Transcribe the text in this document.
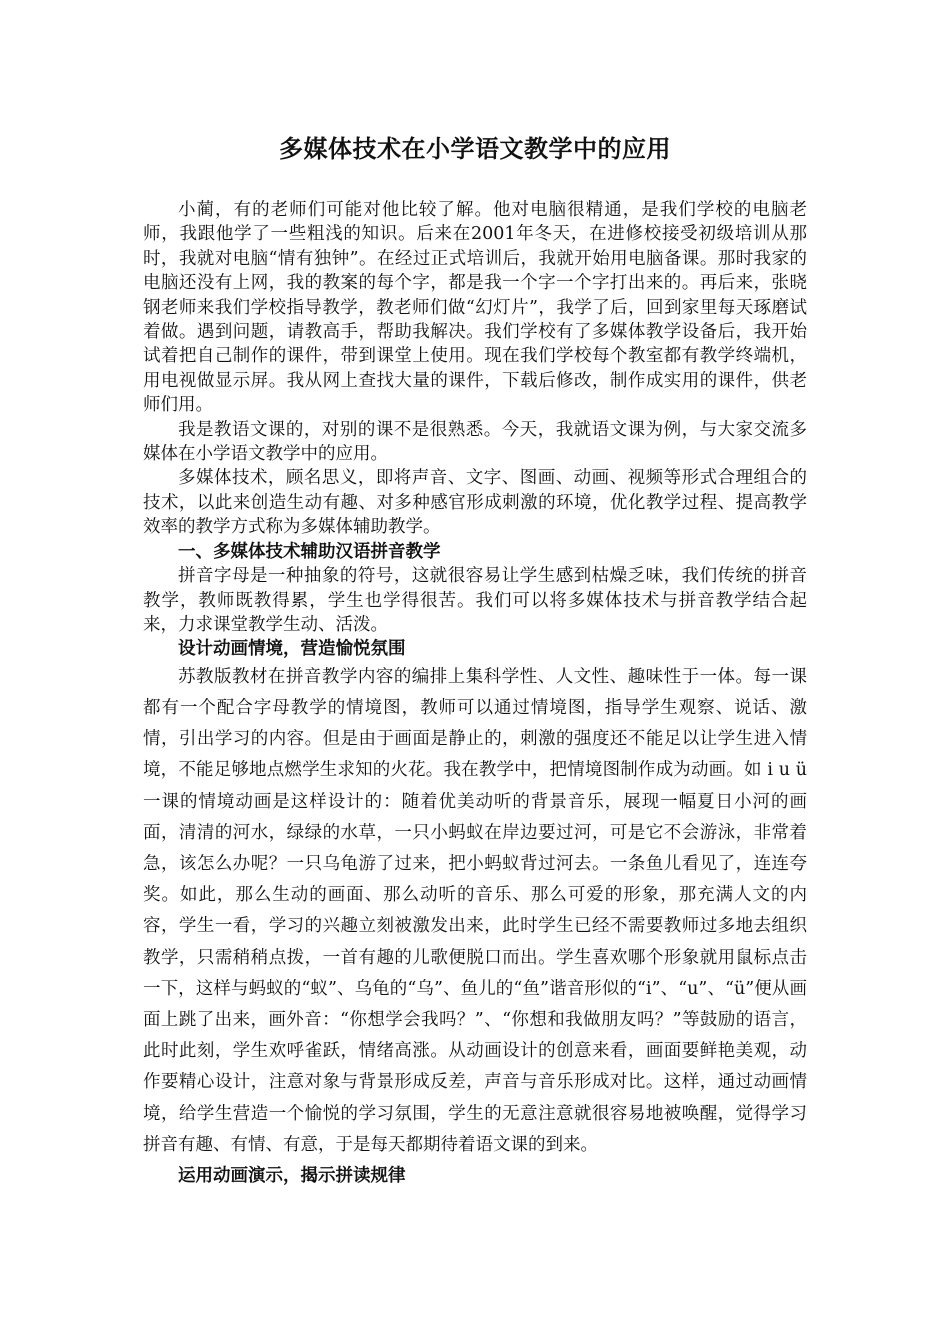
多媒体技术在小学语文教学中的应用

小蔺，有的老师们可能对他比较了解。他对电脑很精通，是我们学校的电脑老师，我跟他学了一些粗浅的知识。后来在2001年冬天，在进修校接受初级培训从那时，我就对电脑“情有独钟”。在经过正式培训后，我就开始用电脑备课。那时我家的电脑还没有上网，我的教案的每个字，都是我一个字一个字打出来的。再后来，张晓钢老师来我们学校指导教学，教老师们做“幻灯片”，我学了后，回到家里每天琢磨试着做。遇到问题，请教高手，帮助我解决。我们学校有了多媒体教学设备后，我开始试着把自己制作的课件，带到课堂上使用。现在我们学校每个教室都有教学终端机，用电视做显示屏。我从网上查找大量的课件，下载后修改，制作成实用的课件，供老师们用。

我是教语文课的，对别的课不是很熟悉。今天，我就语文课为例，与大家交流多媒体在小学语文教学中的应用。

多媒体技术，顾名思义，即将声音、文字、图画、动画、视频等形式合理组合的技术，以此来创造生动有趣、对多种感官形成刺激的环境，优化教学过程、提高教学效率的教学方式称为多媒体辅助教学。

一、多媒体技术辅助汉语拼音教学

拼音字母是一种抽象的符号，这就很容易让学生感到枯燥乏味，我们传统的拼音教学，教师既教得累，学生也学得很苦。我们可以将多媒体技术与拼音教学结合起来，力求课堂教学生动、活泼。

设计动画情境，营造愉悦氛围

苏教版教材在拼音教学内容的编排上集科学性、人文性、趣味性于一体。每一课都有一个配合字母教学的情境图，教师可以通过情境图，指导学生观察、说话、激情，引出学习的内容。但是由于画面是静止的，刺激的强度还不能足以让学生进入情境，不能足够地点燃学生求知的火花。我在教学中，把情境图制作成为动画。如 i u ü 一课的情境动画是这样设计的：随着优美动听的背景音乐，展现一幅夏日小河的画面，清清的河水，绿绿的水草，一只小蚂蚁在岸边要过河，可是它不会游泳，非常着急，该怎么办呢？一只乌龟游了过来，把小蚂蚁背过河去。一条鱼儿看见了，连连夸奖。如此，那么生动的画面、那么动听的音乐、那么可爱的形象，那充满人文的内容，学生一看，学习的兴趣立刻被激发出来，此时学生已经不需要教师过多地去组织教学，只需稍稍点拨，一首有趣的儿歌便脱口而出。学生喜欢哪个形象就用鼠标点击一下，这样与蚂蚁的“蚁”、乌龟的“乌”、鱼儿的“鱼”谐音形似的“i”、“u”、“ü”便从画面上跳了出来，画外音：“你想学会我吗？”、“你想和我做朋友吗？”等鼓励的语言，此时此刻，学生欢呼雀跃，情绪高涨。从动画设计的创意来看，画面要鲜艳美观，动作要精心设计，注意对象与背景形成反差，声音与音乐形成对比。这样，通过动画情境，给学生营造一个愉悦的学习氛围，学生的无意注意就很容易地被唤醒，觉得学习拼音有趣、有情、有意，于是每天都期待着语文课的到来。

运用动画演示，揭示拼读规律
